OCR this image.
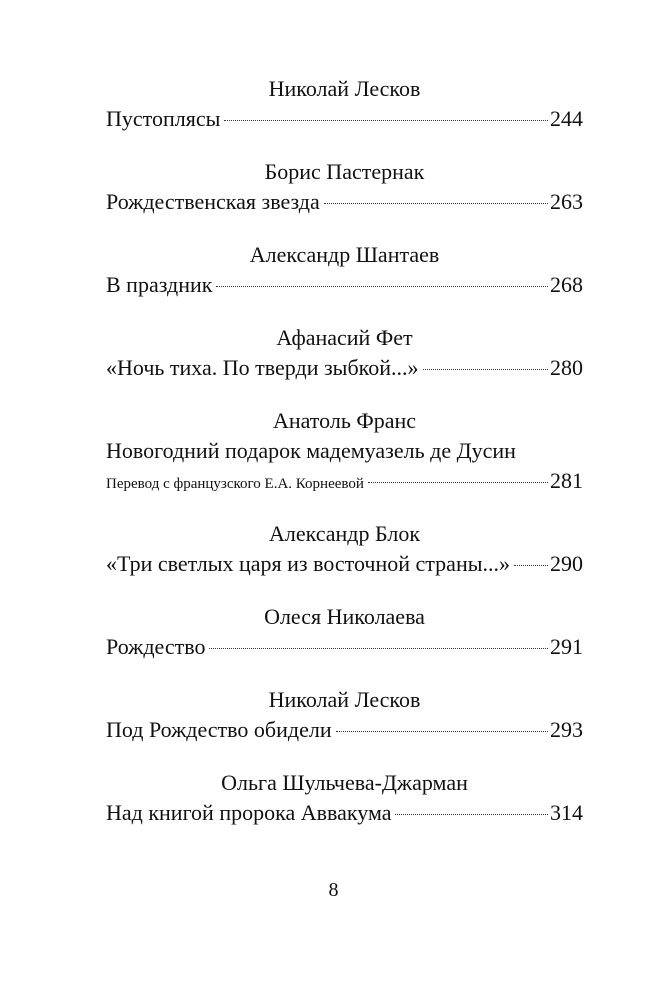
Николай Лесков
Пустоплясы	244
Борис Пастернак
Рождественская звезда	263
Александр Шантаев
В праздник	268
Афанасий Фет
«Ночь тиха. По тверди зыбкой...»	280
Анатоль Франс
Новогодний подарок мадемуазель де Дусин
Перевод с французского Е.А. Корнеевой	281
Александр Блок
«Три светлых царя из восточной страны...» 290
Олеся Николаева
Рождество	291
Николай Лесков
Под Рождество обидели	293
Ольга Шульчева-Джарман
Над книгой пророка Аввакума	314
8
